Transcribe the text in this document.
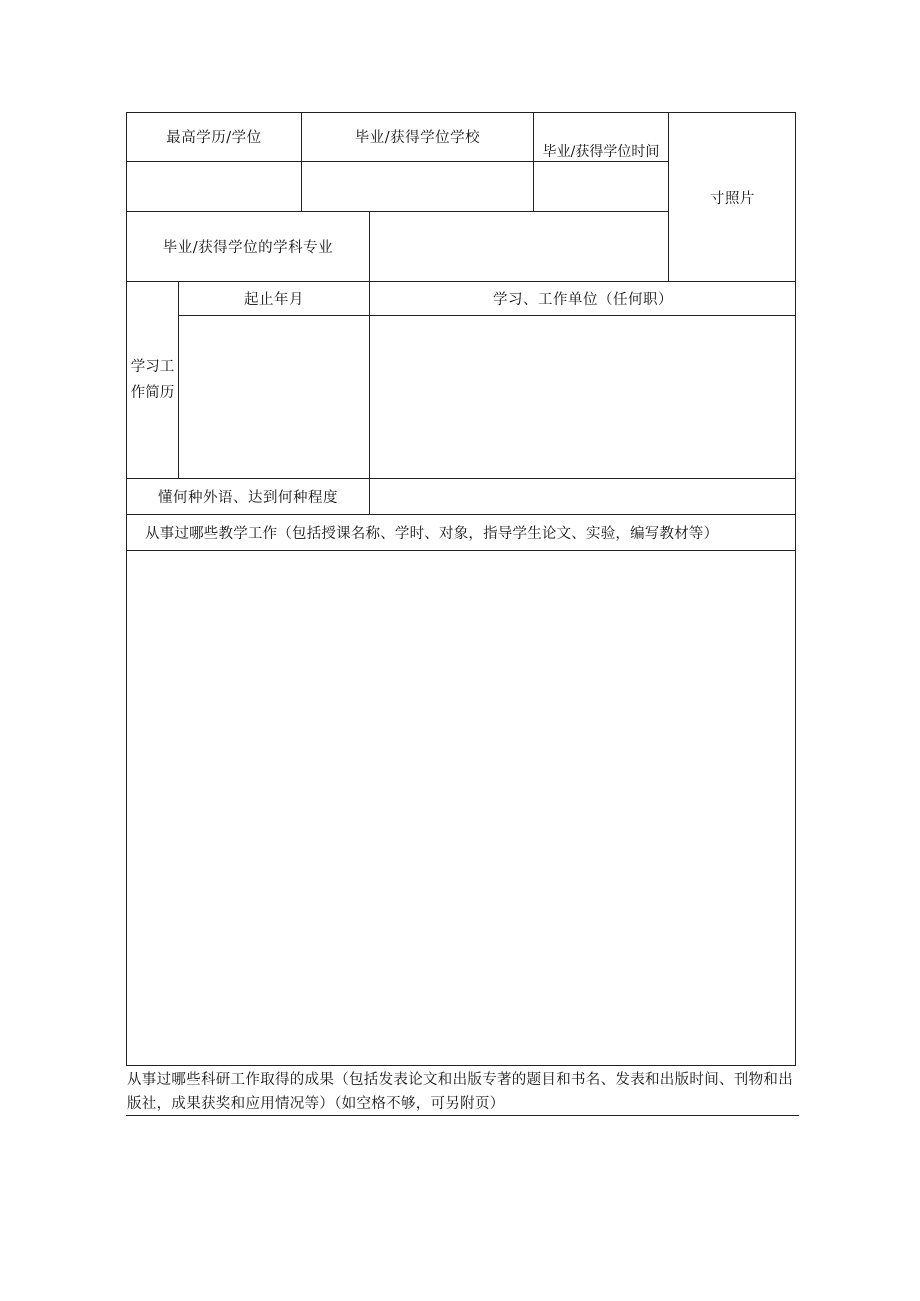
最高学历/学位	毕业/获得学位学校
毕业/获得学位时间
寸照片
毕业/获得学位的学科专业
学习工作简历
起止年月	学习、工作单位（任何职）
懂何种外语、达到何种程度
从事过哪些教学工作（包括授课名称、学时、对象，指导学生论文、实验，编写教材等）
从事过哪些科研工作取得的成果（包括发表论文和出版专著的题目和书名、发表和出版时间、刊物和出版社，成果获奖和应用情况等）（如空格不够，可另附页）
